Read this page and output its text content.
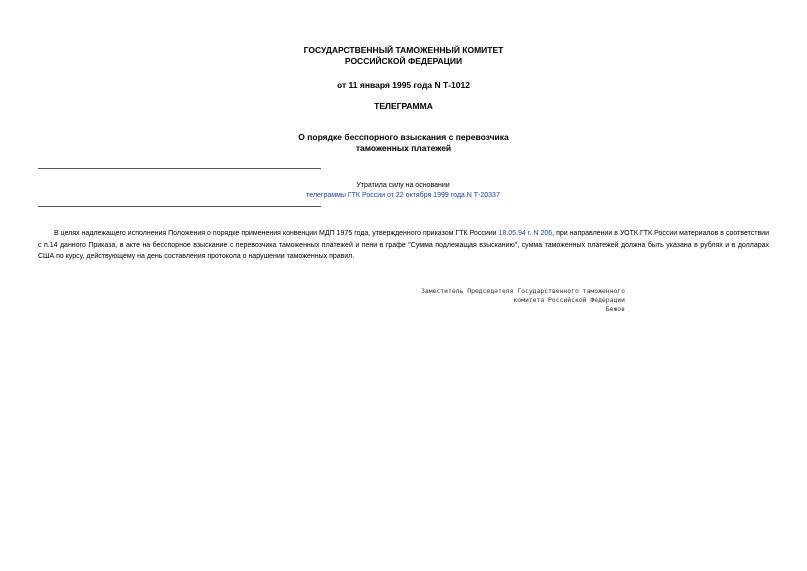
ГОСУДАРСТВЕННЫЙ ТАМОЖЕННЫЙ КОМИТЕТ
РОССИЙСКОЙ ФЕДЕРАЦИИ
от 11 января 1995 года N Т-1012
ТЕЛЕГРАММА
О порядке бесспорного взыскания с перевозчика
таможенных платежей
Утратила силу на основании
телеграммы ГТК России от 22 октября 1999 года N Т-20337
В целях надлежащего исполнения Положения о порядке применения конвенции МДП 1975 года, утвержденного приказом ГТК Россиии 18.05.94 г. N 206, при направлении в УОТК ГТК России материалов в соответствии с п.14 данного Приказа, в акте на бесспорное взыскание с перевозчика таможенных платежей и пени в графе "Сумма подлежащая взысканию", сумма таможенных платежей должна быть указана в рублях и в долларах США по курсу, действующему на день составления протокола о нарушении таможенных правил.
Заместитель Председателя Государственного таможенного
комитета Российской Федерации
Бежов
